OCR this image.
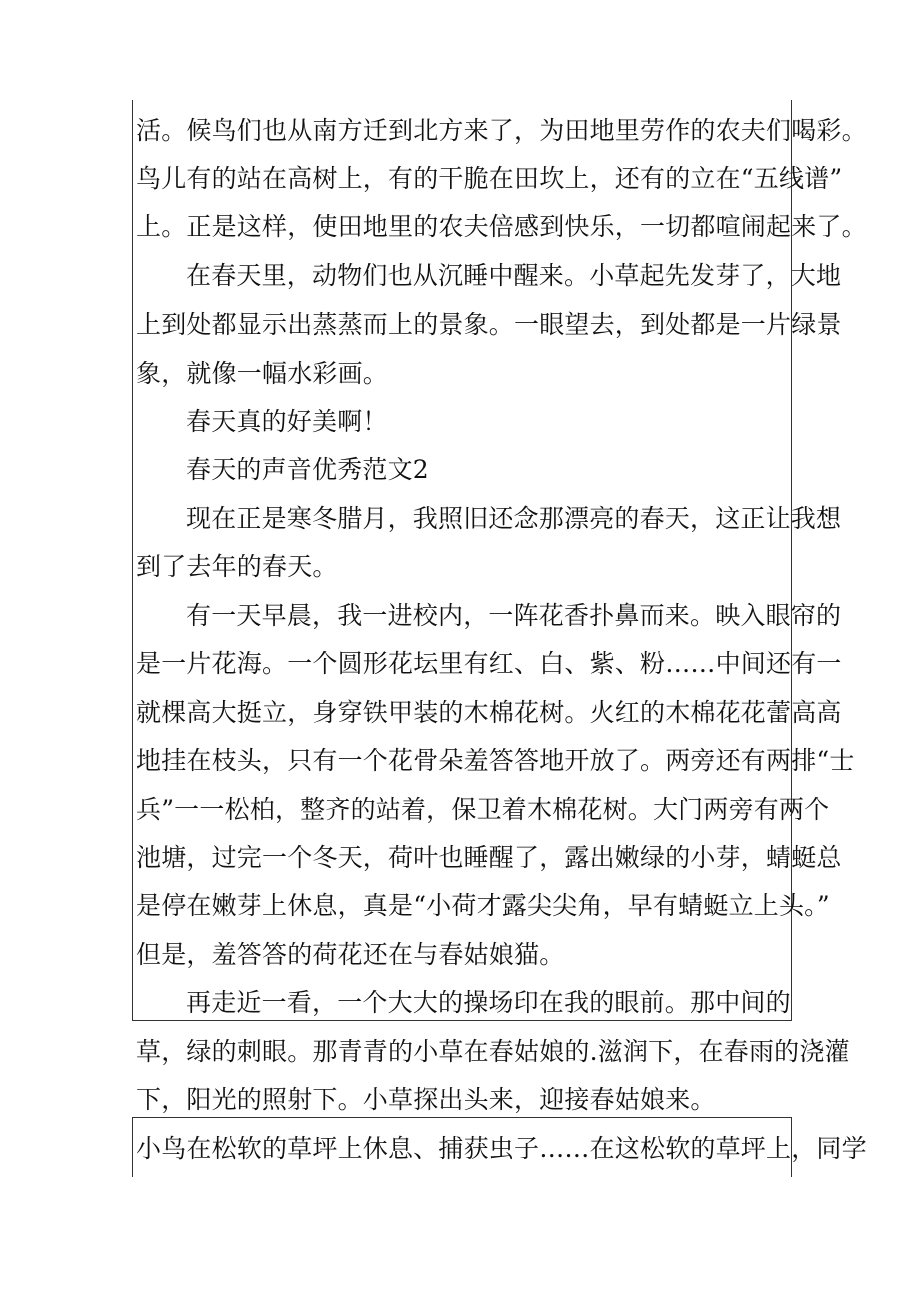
活。候鸟们也从南方迁到北方来了，为田地里劳作的农夫们喝彩。
鸟儿有的站在高树上，有的干脆在田坎上，还有的立在“五线谱”
上。正是这样，使田地里的农夫倍感到快乐，一切都喧闹起来了。
在春天里，动物们也从沉睡中醒来。小草起先发芽了，大地
上到处都显示出蒸蒸而上的景象。一眼望去，到处都是一片绿景
象，就像一幅水彩画。
春天真的好美啊！
春天的声音优秀范文2
现在正是寒冬腊月，我照旧还念那漂亮的春天，这正让我想
到了去年的春天。
有一天早晨，我一进校内，一阵花香扑鼻而来。映入眼帘的
是一片花海。一个圆形花坛里有红、白、紫、粉……中间还有一
就棵高大挺立，身穿铁甲装的木棉花树。火红的木棉花花蕾高高
地挂在枝头，只有一个花骨朵羞答答地开放了。两旁还有两排“士
兵”一一松柏，整齐的站着，保卫着木棉花树。大门两旁有两个
池塘，过完一个冬天，荷叶也睡醒了，露出嫩绿的小芽，蜻蜓总
是停在嫩芽上休息，真是“小荷才露尖尖角，早有蜻蜓立上头。”
但是，羞答答的荷花还在与春姑娘猫。
再走近一看，一个大大的操场印在我的眼前。那中间的
草，绿的刺眼。那青青的小草在春姑娘的.滋润下，在春雨的浇灌
下，阳光的照射下。小草探出头来，迎接春姑娘来。
小鸟在松软的草坪上休息、捕获虫子……在这松软的草坪上，同学
